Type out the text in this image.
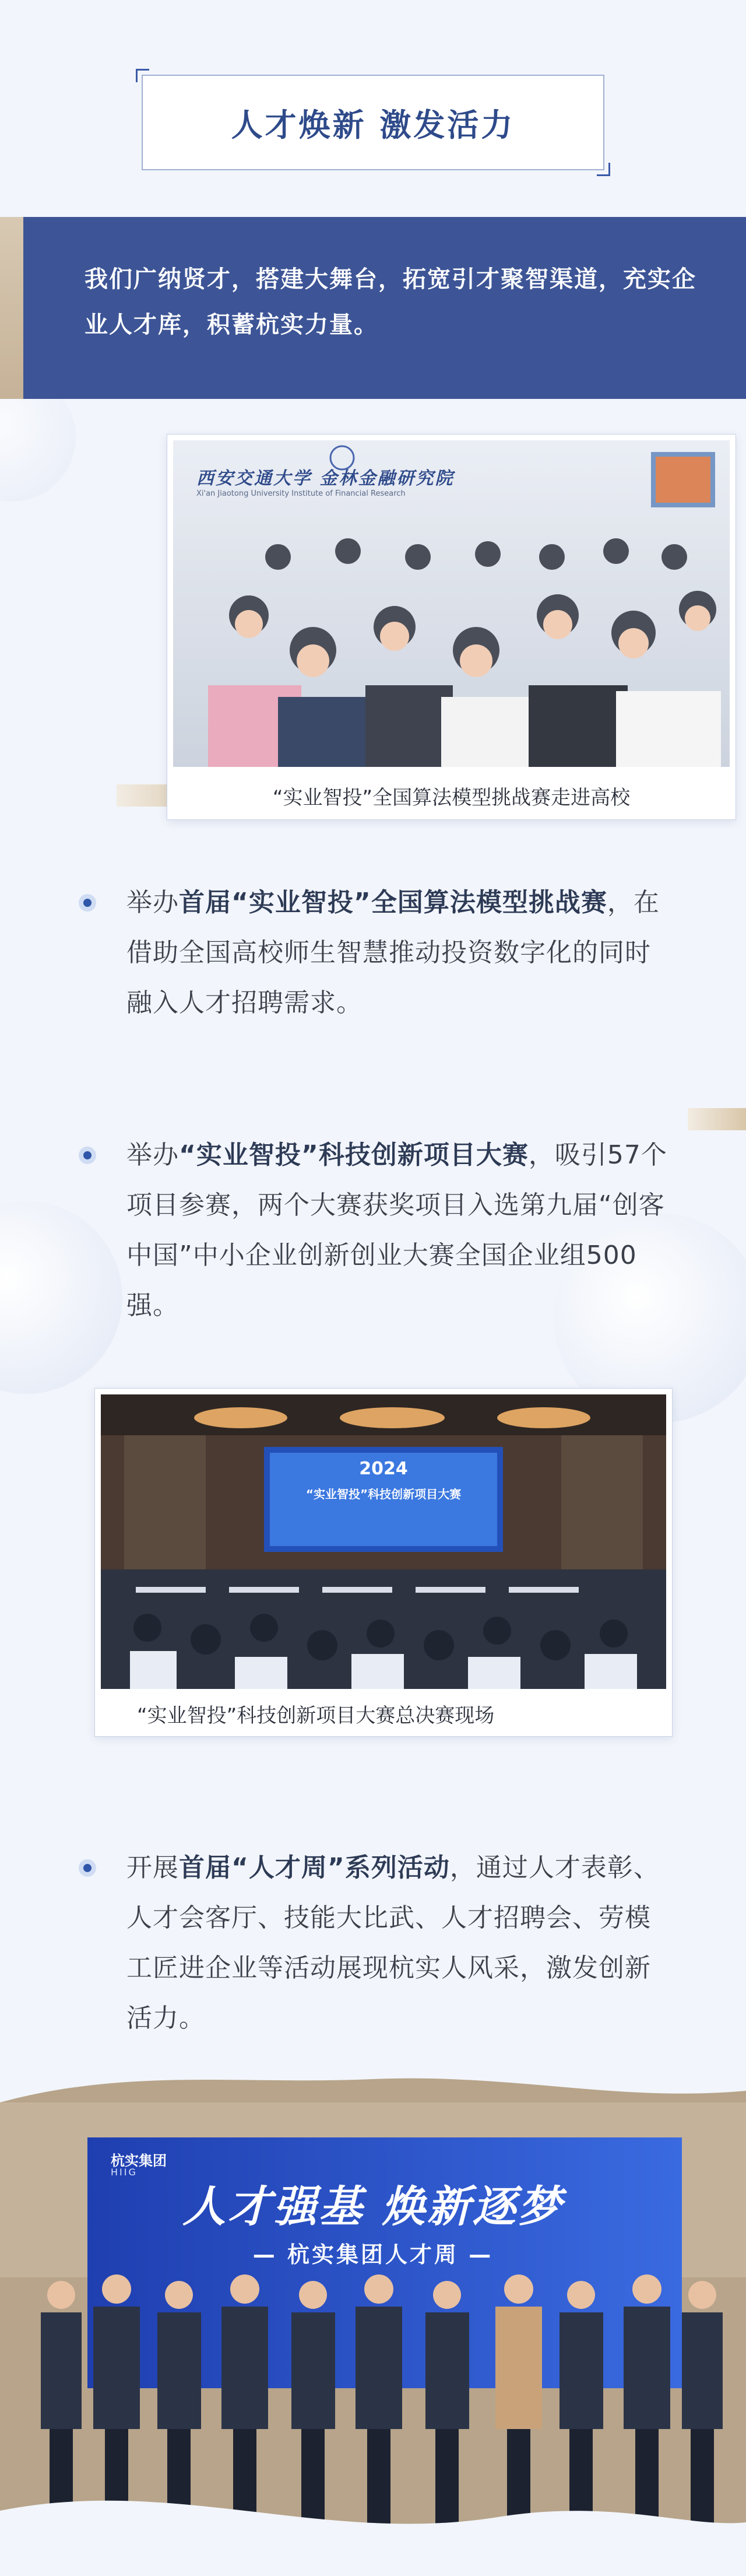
人才焕新 激发活力
我们广纳贤才，搭建大舞台，拓宽引才聚智渠道，充实企业人才库，积蓄杭实力量。
西安交通大学 金林金融研究院
Xi'an Jiaotong University Institute of Financial Research
“实业智投”全国算法模型挑战赛走进高校
举办首届“实业智投”全国算法模型挑战赛，在借助全国高校师生智慧推动投资数字化的同时融入人才招聘需求。
举办“实业智投”科技创新项目大赛，吸引57个项目参赛，两个大赛获奖项目入选第九届“创客中国”中小企业创新创业大赛全国企业组500强。
2024
“实业智投”科技创新项目大赛
“实业智投”科技创新项目大赛总决赛现场
开展首届“人才周”系列活动，通过人才表彰、人才会客厅、技能大比武、人才招聘会、劳模工匠进企业等活动展现杭实人风采，激发创新活力。
杭实集团
HIIG
人才强基 焕新逐梦
— 杭实集团人才周 —
